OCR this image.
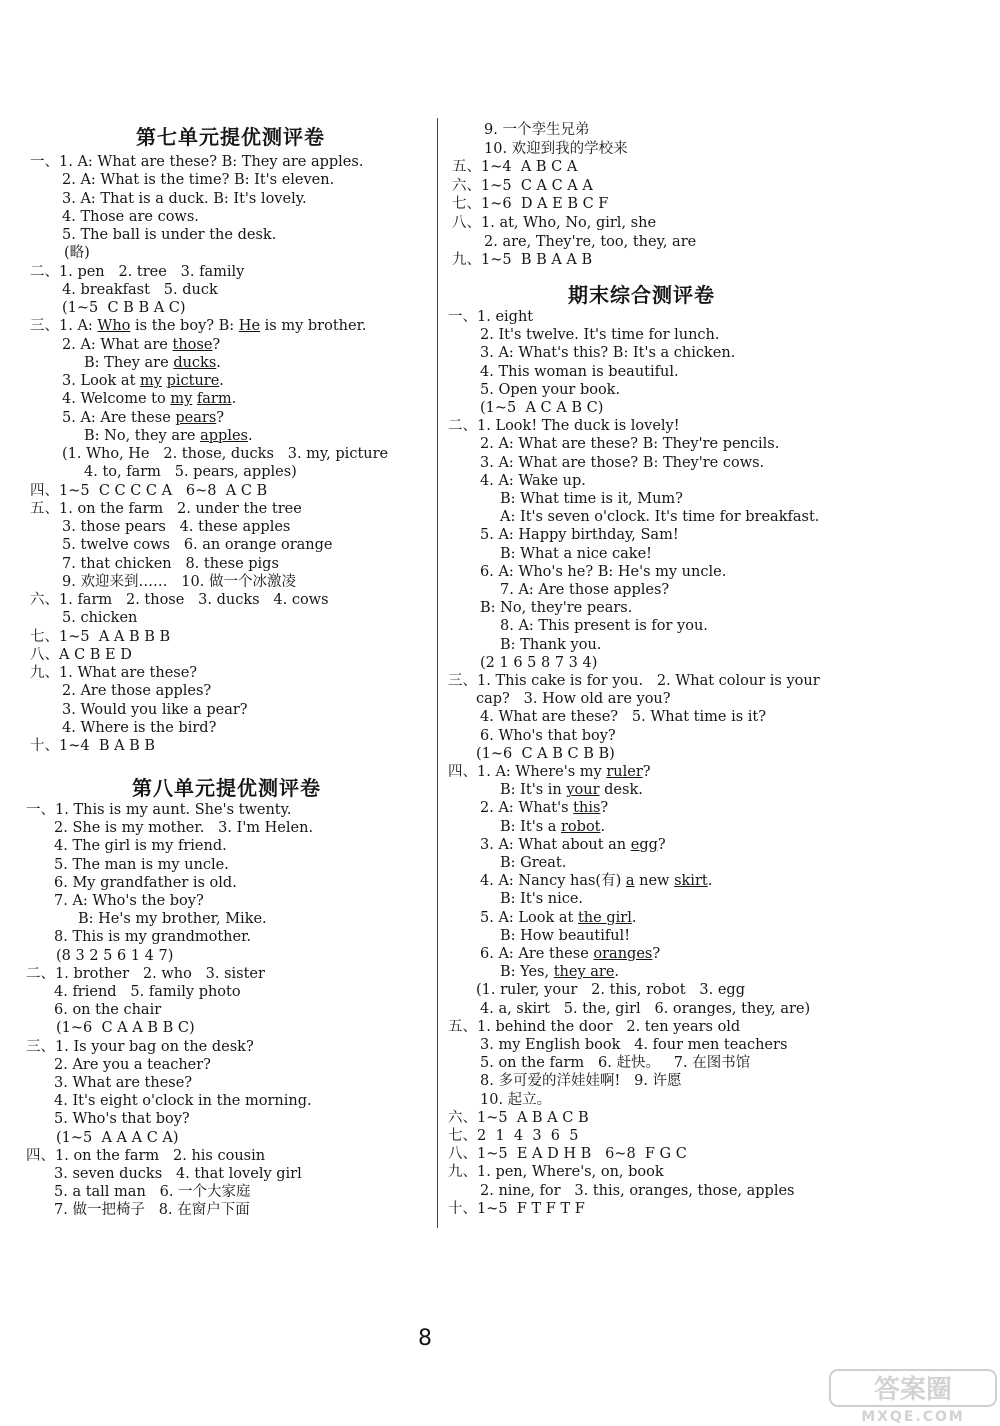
第七单元提优测评卷
一、1. A: What are these? B: They are apples.
2. A: What is the time? B: It's eleven.
3. A: That is a duck. B: It's lovely.
4. Those are cows.
5. The ball is under the desk.
(略)
二、1. pen   2. tree   3. family
4. breakfast   5. duck
(1~5  C B B A C)
三、1. A: Who is the boy? B: He is my brother.
2. A: What are those?
B: They are ducks.
3. Look at my picture.
4. Welcome to my farm.
5. A: Are these pears?
B: No, they are apples.
(1. Who, He   2. those, ducks   3. my, picture
4. to, farm   5. pears, apples)
四、1~5  C C C C A   6~8  A C B
五、1. on the farm   2. under the tree
3. those pears   4. these apples
5. twelve cows   6. an orange orange
7. that chicken   8. these pigs
9. 欢迎来到……   10. 做一个冰激凌
六、1. farm   2. those   3. ducks   4. cows
5. chicken
七、1~5  A A B B B
八、A C B E D
九、1. What are these?
2. Are those apples?
3. Would you like a pear?
4. Where is the bird?
十、1~4  B A B B
第八单元提优测评卷
一、1. This is my aunt. She's twenty.
2. She is my mother.   3. I'm Helen.
4. The girl is my friend.
5. The man is my uncle.
6. My grandfather is old.
7. A: Who's the boy?
B: He's my brother, Mike.
8. This is my grandmother.
(8 3 2 5 6 1 4 7)
二、1. brother   2. who   3. sister
4. friend   5. family photo
6. on the chair
(1~6  C A A B B C)
三、1. Is your bag on the desk?
2. Are you a teacher?
3. What are these?
4. It's eight o'clock in the morning.
5. Who's that boy?
(1~5  A A A C A)
四、1. on the farm   2. his cousin
3. seven ducks   4. that lovely girl
5. a tall man   6. 一个大家庭
7. 做一把椅子   8. 在窗户下面
9. 一个孪生兄弟
10. 欢迎到我的学校来
五、1~4  A B C A
六、1~5  C A C A A
七、1~6  D A E B C F
八、1. at, Who, No, girl, she
2. are, They're, too, they, are
九、1~5  B B A A B
期末综合测评卷
一、1. eight
2. It's twelve. It's time for lunch.
3. A: What's this? B: It's a chicken.
4. This woman is beautiful.
5. Open your book.
(1~5  A C A B C)
二、1. Look! The duck is lovely!
2. A: What are these? B: They're pencils.
3. A: What are those? B: They're cows.
4. A: Wake up.
B: What time is it, Mum?
A: It's seven o'clock. It's time for breakfast.
5. A: Happy birthday, Sam!
B: What a nice cake!
6. A: Who's he? B: He's my uncle.
7. A: Are those apples?
B: No, they're pears.
8. A: This present is for you.
B: Thank you.
(2 1 6 5 8 7 3 4)
三、1. This cake is for you.   2. What colour is your
cap?   3. How old are you?
4. What are these?   5. What time is it?
6. Who's that boy?
(1~6  C A B C B B)
四、1. A: Where's my ruler?
B: It's in your desk.
2. A: What's this?
B: It's a robot.
3. A: What about an egg?
B: Great.
4. A: Nancy has(有) a new skirt.
B: It's nice.
5. A: Look at the girl.
B: How beautiful!
6. A: Are these oranges?
B: Yes, they are.
(1. ruler, your   2. this, robot   3. egg
4. a, skirt   5. the, girl   6. oranges, they, are)
五、1. behind the door   2. ten years old
3. my English book   4. four men teachers
5. on the farm   6. 赶快。   7. 在图书馆
8. 多可爱的洋娃娃啊!   9. 许愿
10. 起立。
六、1~5  A B A C B
七、2  1  4  3  6  5
八、1~5  E A D H B   6~8  F G C
九、1. pen, Where's, on, book
2. nine, for   3. this, oranges, those, apples
十、1~5  F T F T F
8
答案圈
MXQE.COM
